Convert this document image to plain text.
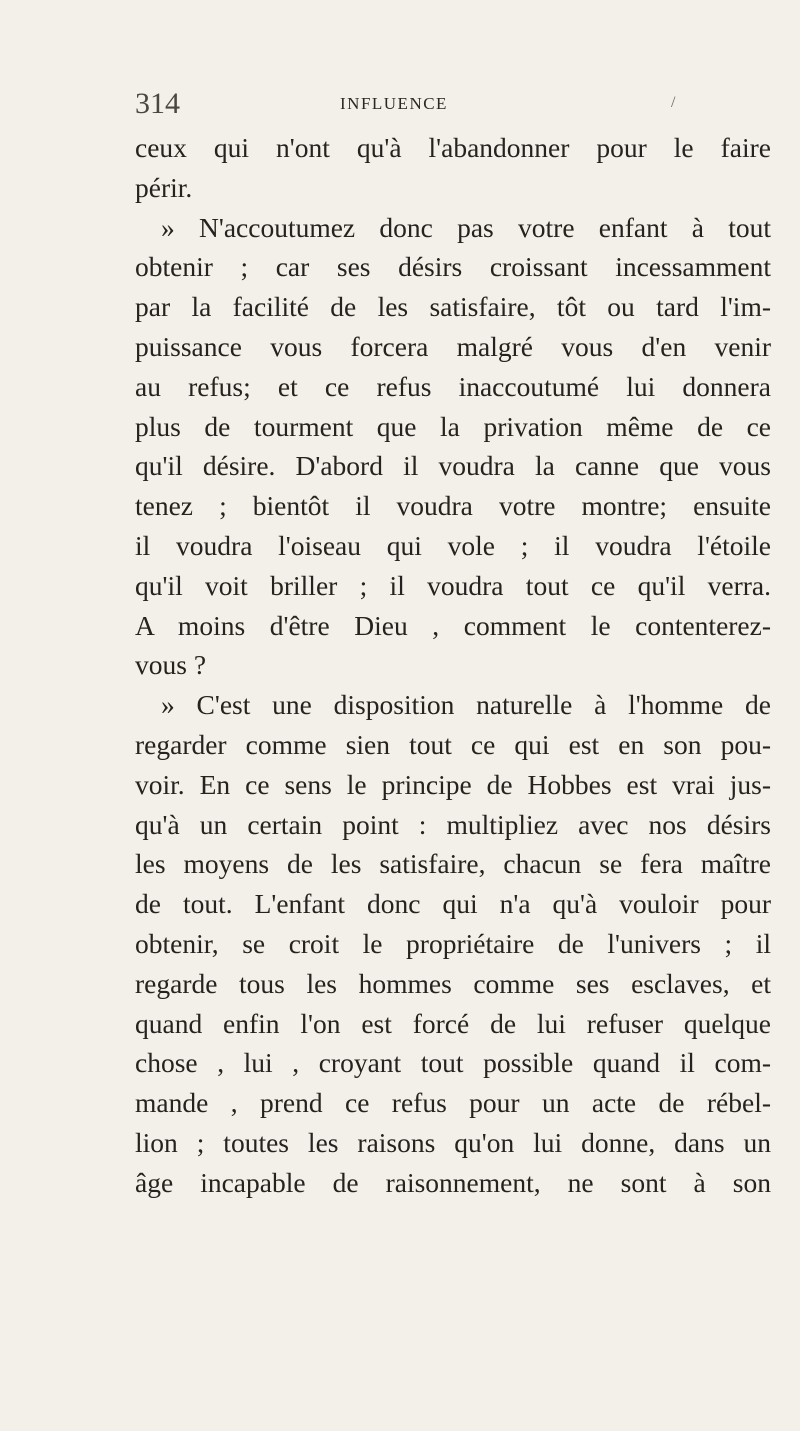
314	INFLUENCE	/
ceux qui n'ont qu'à l'abandonner pour le faire
périr.
» N'accoutumez donc pas votre enfant à tout
obtenir ; car ses désirs croissant incessamment
par la facilité de les satisfaire, tôt ou tard l'im-
puissance vous forcera malgré vous d'en venir
au refus; et ce refus inaccoutumé lui donnera
plus de tourment que la privation même de ce
qu'il désire. D'abord il voudra la canne que vous
tenez ; bientôt il voudra votre montre; ensuite
il voudra l'oiseau qui vole ; il voudra l'étoile
qu'il voit briller ; il voudra tout ce qu'il verra.
A moins d'être Dieu , comment le contenterez-
vous ?
» C'est une disposition naturelle à l'homme de
regarder comme sien tout ce qui est en son pou-
voir. En ce sens le principe de Hobbes est vrai jus-
qu'à un certain point : multipliez avec nos désirs
les moyens de les satisfaire, chacun se fera maître
de tout. L'enfant donc qui n'a qu'à vouloir pour
obtenir, se croit le propriétaire de l'univers ; il
regarde tous les hommes comme ses esclaves, et
quand enfin l'on est forcé de lui refuser quelque
chose , lui , croyant tout possible quand il com-
mande , prend ce refus pour un acte de rébel-
lion ; toutes les raisons qu'on lui donne, dans un
âge incapable de raisonnement, ne sont à son
